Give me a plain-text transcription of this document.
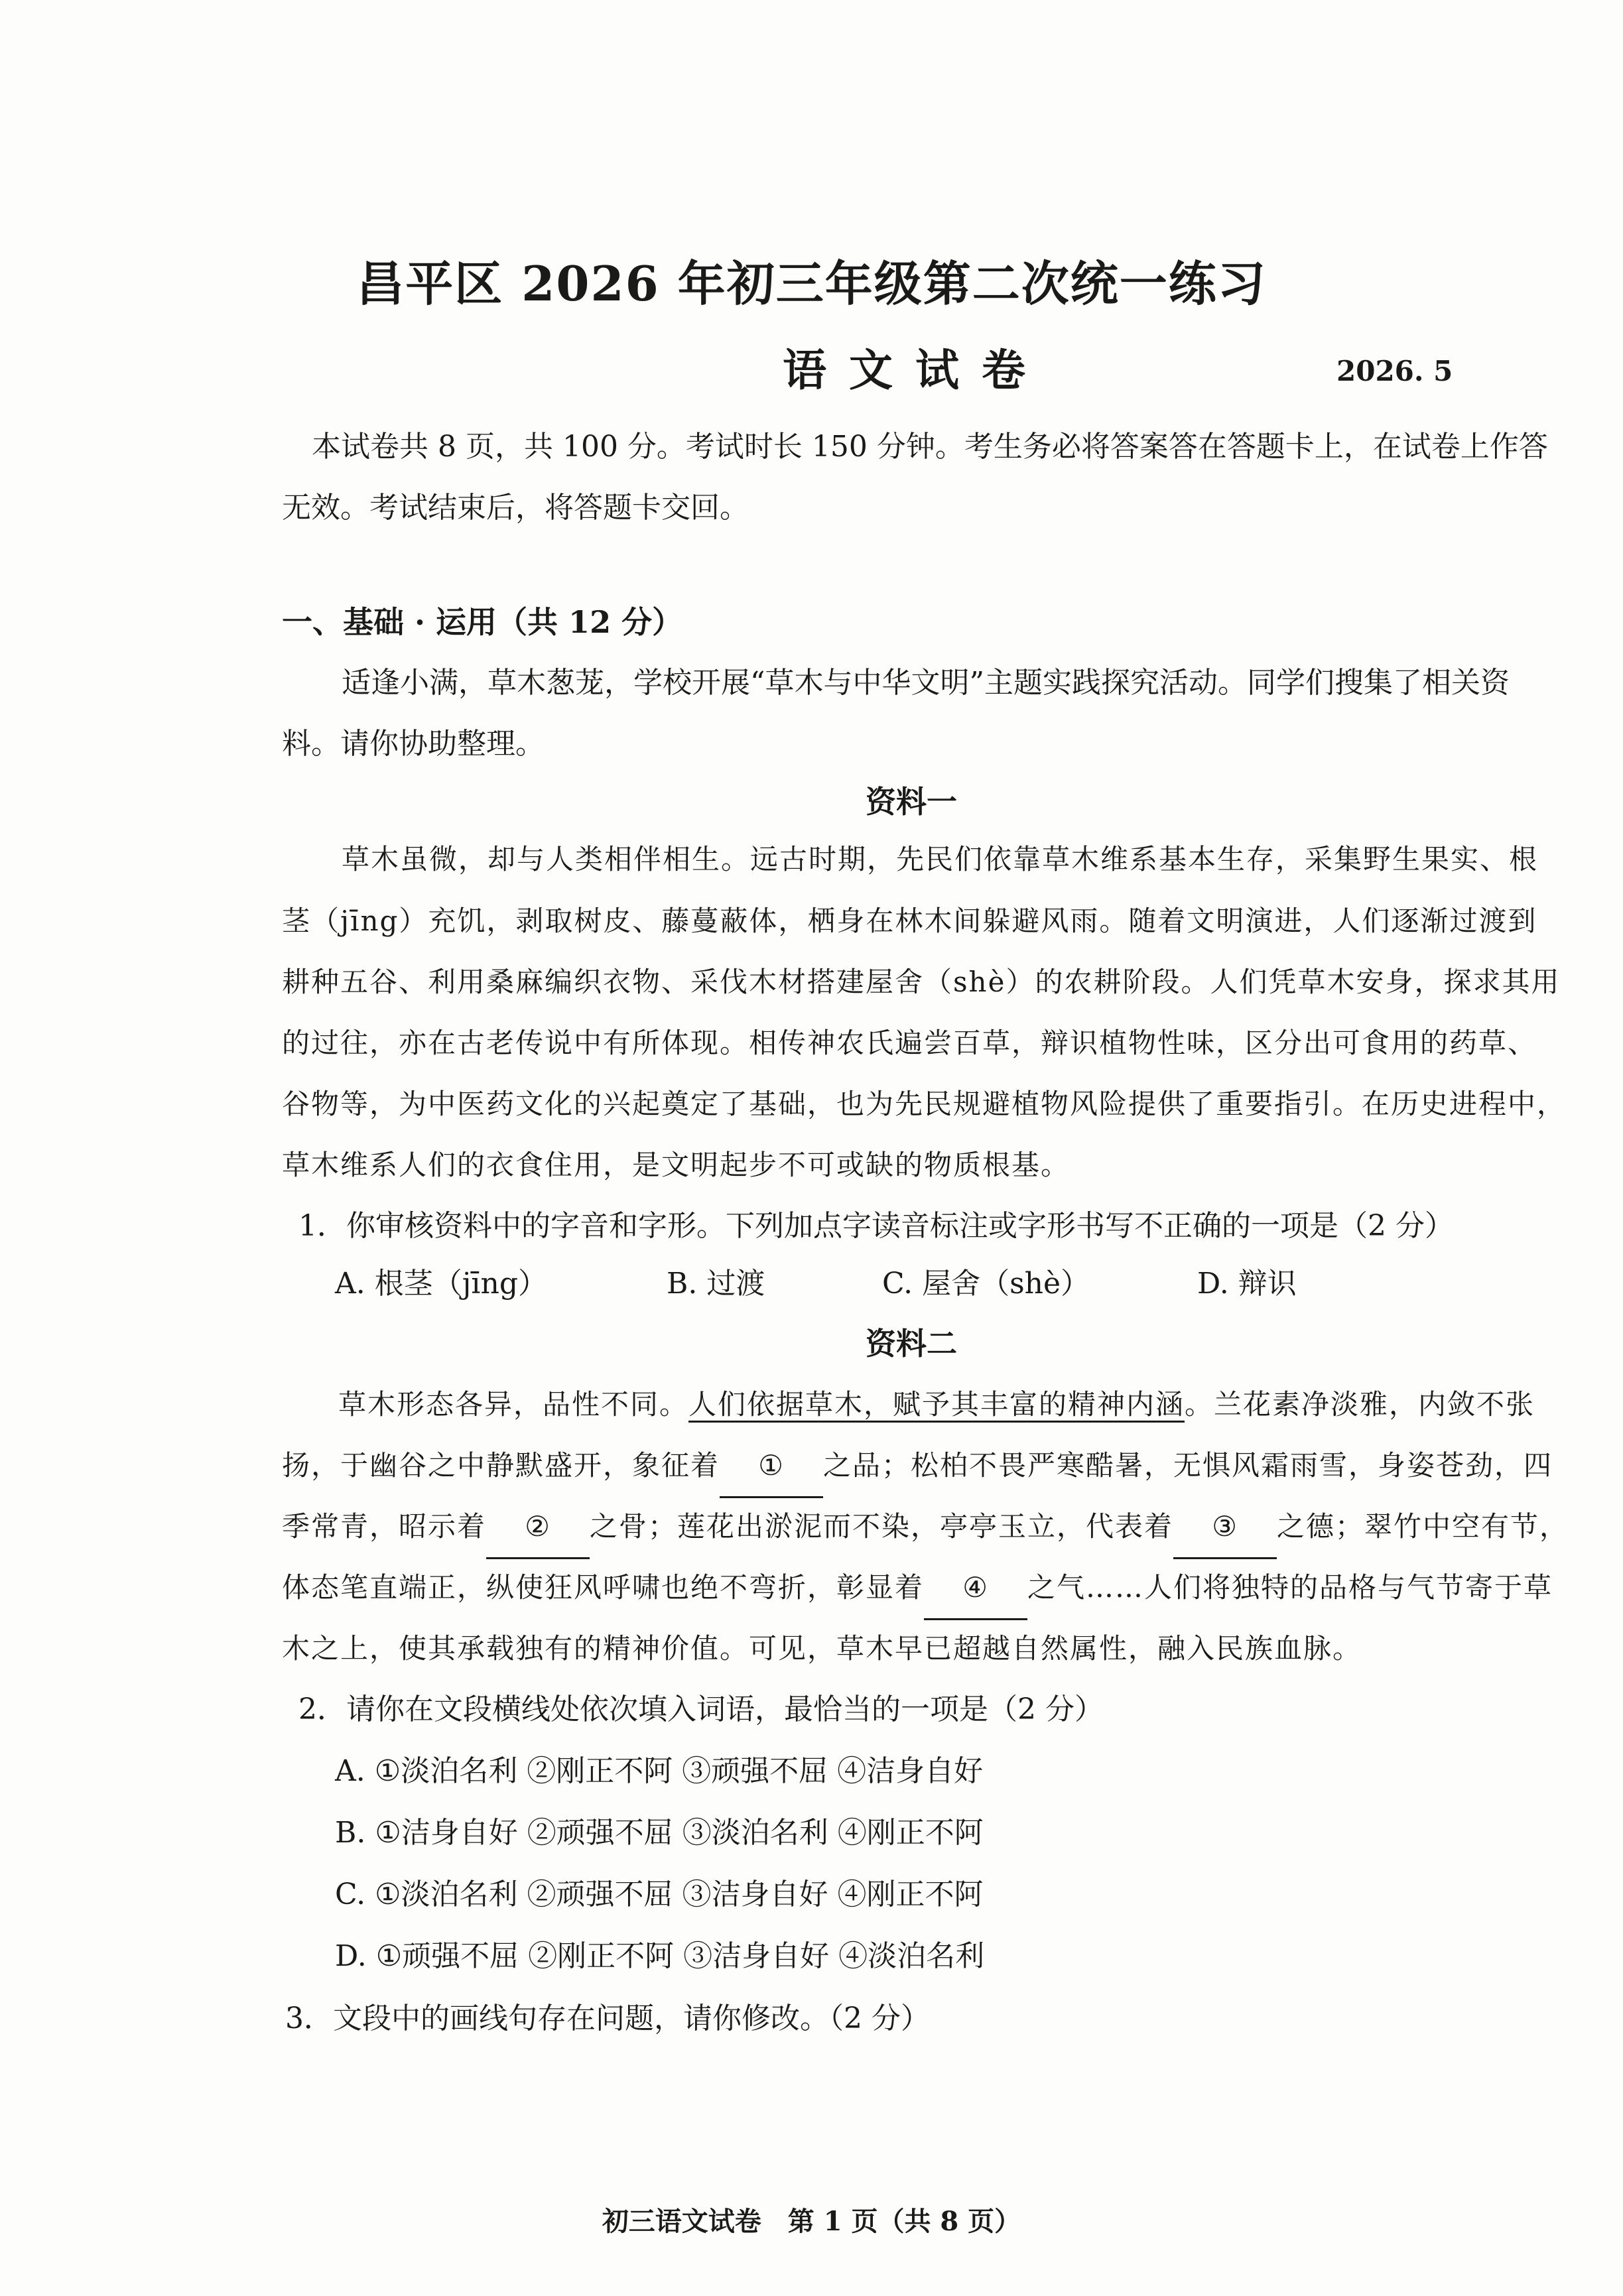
昌平区 2026 年初三年级第二次统一练习
语文试卷	2026. 5
本试卷共 8 页，共 100 分。考试时长 150 分钟。考生务必将答案答在答题卡上，在试卷上作答
无效。考试结束后，将答题卡交回。
一、基础 · 运用（共 12 分）
适逢小满，草木葱茏，学校开展“草木与中华文明”主题实践探究活动。同学们搜集了相关资
料。请你协助整理。
资料一
草木虽微，却与人类相伴相生。远古时期，先民们依靠草木维系基本生存，采集野生果实、根
茎（jīng）充饥，剥取树皮、藤蔓蔽体，栖身在林木间躲避风雨。随着文明演进，人们逐渐过渡到
耕种五谷、利用桑麻编织衣物、采伐木材搭建屋舍（shè）的农耕阶段。人们凭草木安身，探求其用
的过往，亦在古老传说中有所体现。相传神农氏遍尝百草，辩识植物性味，区分出可食用的药草、
谷物等，为中医药文化的兴起奠定了基础，也为先民规避植物风险提供了重要指引。在历史进程中，
草木维系人们的衣食住用，是文明起步不可或缺的物质根基。
1．你审核资料中的字音和字形。下列加点字读音标注或字形书写不正确的一项是（2 分）
A. 根茎（jīng）	B. 过渡	C. 屋舍（shè）	D. 辩识
资料二
草木形态各异，品性不同。人们依据草木，赋予其丰富的精神内涵。兰花素净淡雅，内敛不张
扬，于幽谷之中静默盛开，象征着 ① 之品；松柏不畏严寒酷暑，无惧风霜雨雪，身姿苍劲，四
季常青，昭示着 ② 之骨；莲花出淤泥而不染，亭亭玉立，代表着 ③ 之德；翠竹中空有节，
体态笔直端正，纵使狂风呼啸也绝不弯折，彰显着 ④ 之气……人们将独特的品格与气节寄于草
木之上，使其承载独有的精神价值。可见，草木早已超越自然属性，融入民族血脉。
2．请你在文段横线处依次填入词语，最恰当的一项是（2 分）
A. ①淡泊名利 ②刚正不阿 ③顽强不屈 ④洁身自好
B. ①洁身自好 ②顽强不屈 ③淡泊名利 ④刚正不阿
C. ①淡泊名利 ②顽强不屈 ③洁身自好 ④刚正不阿
D. ①顽强不屈 ②刚正不阿 ③洁身自好 ④淡泊名利
3．文段中的画线句存在问题，请你修改。（2 分）
初三语文试卷　第 1 页（共 8 页）
